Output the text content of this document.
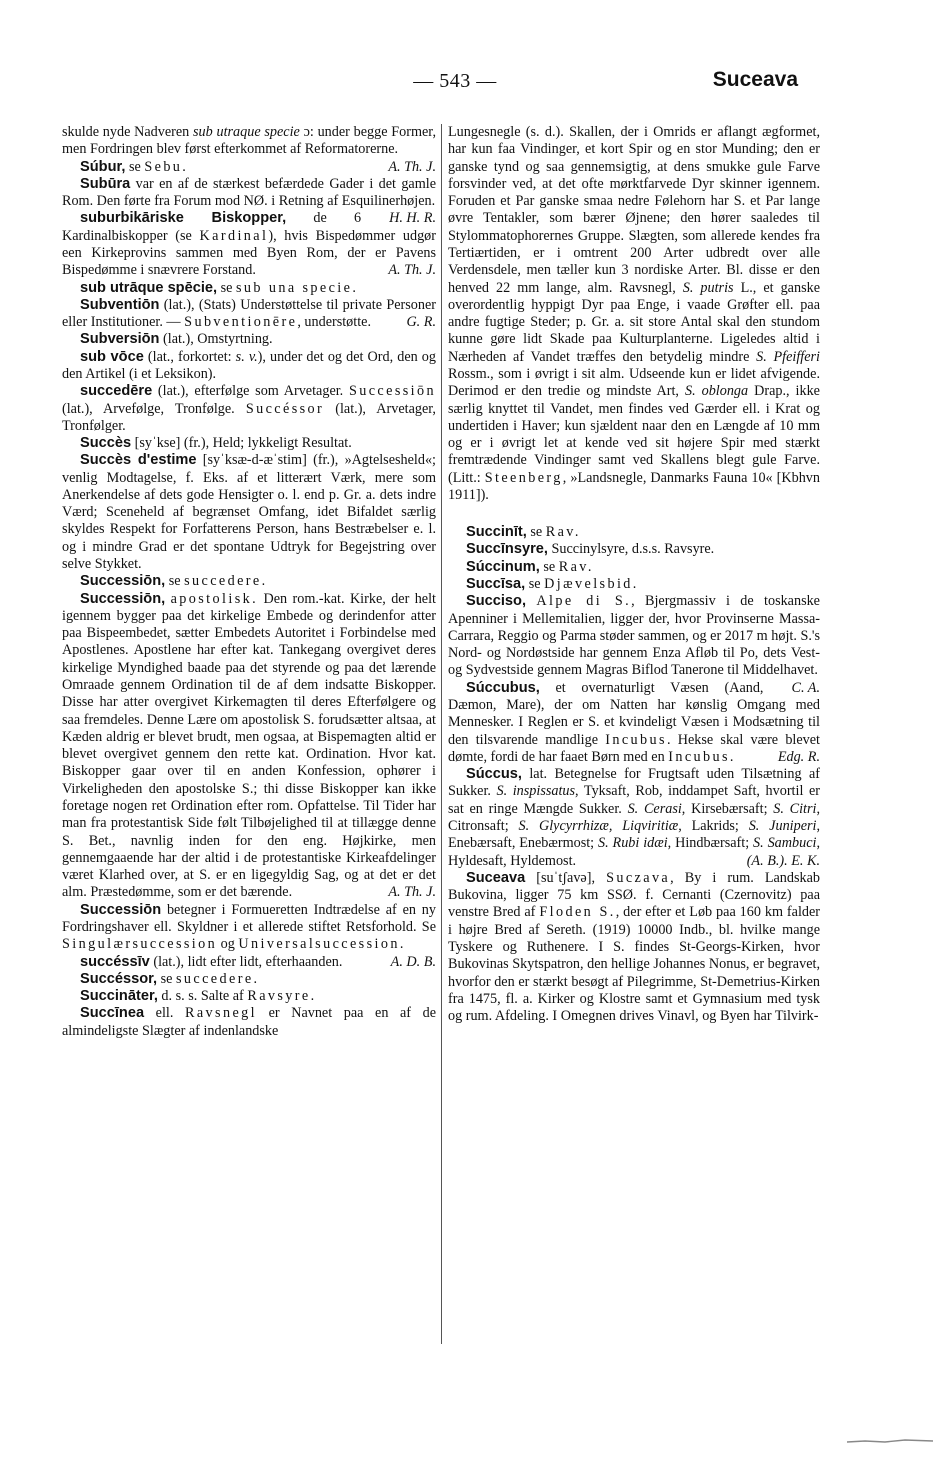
— 543 —	Suceava

skulde nyde Nadveren sub utraque specie ɔ: under begge Former, men Fordringen blev først efterkommet af Reformatorerne.
A. Th. J.

Súbur, se Sebu.

Subūra var en af de stærkest befærdede Gader i det gamle Rom. Den førte fra Forum mod NØ. i Retning af Esquilinerhøjen.
H. H. R.

suburbikāriske Biskopper, de 6 Kardinalbiskopper (se Kardinal), hvis Bispedømmer udgør een Kirkeprovins sammen med Byen Rom, der er Pavens Bispedømme i snævrere Forstand.	A. Th. J.

sub utrāque spēcie, se sub una specie.

Subventiōn (lat.), (Stats) Understøttelse til private Personer eller Institutioner. — Subventionēre, understøtte.	G. R.

Subversiōn (lat.), Omstyrtning.

sub vōce (lat., forkortet: s. v.), under det og det Ord, den og den Artikel (i et Leksikon).

succedēre (lat.), efterfølge som Arvetager. Successiōn (lat.), Arvefølge, Tronfølge. Succéssor (lat.), Arvetager, Tronfølger.

Succès [syˈkse] (fr.), Held; lykkeligt Resultat.

Succès d'estime [syˈksæ-d-æˈstim] (fr.), »Agtelsesheld«; venlig Modtagelse, f. Eks. af et litterært Værk, mere som Anerkendelse af dets gode Hensigter o. l. end p. Gr. a. dets indre Værd; Sceneheld af begrænset Omfang, idet Bifaldet særlig skyldes Respekt for Forfatterens Person, hans Bestræbelser e. l. og i mindre Grad er det spontane Udtryk for Begejstring over selve Stykket.

Successiōn, se succedere.

Successiōn, apostolisk. Den rom.-kat. Kirke, der helt igennem bygger paa det kirkelige Embede og derindenfor atter paa Bispeembedet, sætter Embedets Autoritet i Forbindelse med Apostlenes. Apostlene har efter kat. Tankegang overgivet deres kirkelige Myndighed baade paa det styrende og paa det lærende Omraade gennem Ordination til de af dem indsatte Biskopper. Disse har atter overgivet Kirkemagten til deres Efterfølgere og saa fremdeles. Denne Lære om apostolisk S. forudsætter altsaa, at Kæden aldrig er blevet brudt, men ogsaa, at Bispemagten altid er blevet overgivet gennem den rette kat. Ordination. Hvor kat. Biskopper gaar over til en anden Konfession, ophører i Virkeligheden den apostolske S.; thi disse Biskopper kan ikke foretage nogen ret Ordination efter rom. Opfattelse. Til Tider har man fra protestantisk Side følt Tilbøjelighed til at tillægge denne S. Bet., navnlig inden for den eng. Højkirke, men gennemgaaende har der altid i de protestantiske Kirkeafdelinger været Klarhed over, at S. er en ligegyldig Sag, og at det er det alm. Præstedømme, som er det bærende.	A. Th. J.

Successiōn betegner i Formueretten Indtrædelse af en ny Fordringshaver ell. Skyldner i et allerede stiftet Retsforhold. Se Singulærsuccession og Universalsuccession.
A. D. B.

succéssīv (lat.), lidt efter lidt, efterhaanden.

Succéssor, se succedere.

Succināter, d. s. s. Salte af Ravsyre.

Succīnea ell. Ravsnegl er Navnet paa en af de almindeligste Slægter af indenlandske

Lungesnegle (s. d.). Skallen, der i Omrids er aflangt ægformet, har kun faa Vindinger, et kort Spir og en stor Munding; den er ganske tynd og saa gennemsigtig, at dens smukke gule Farve forsvinder ved, at det ofte mørktfarvede Dyr skinner igennem. Foruden et Par ganske smaa nedre Følehorn har S. et Par lange øvre Tentakler, som bærer Øjnene; den hører saaledes til Stylommatophorernes Gruppe. Slægten, som allerede kendes fra Tertiærtiden, er i omtrent 200 Arter udbredt over alle Verdensdele, men tæller kun 3 nordiske Arter. Bl. disse er den henved 22 mm lange, alm. Ravsnegl, S. putris L., et ganske overordentlig hyppigt Dyr paa Enge, i vaade Grøfter ell. paa andre fugtige Steder; p. Gr. a. sit store Antal skal den stundom kunne gøre lidt Skade paa Kulturplanterne. Ligeledes altid i Nærheden af Vandet træffes den betydelig mindre S. Pfeifferi Rossm., som i øvrigt i sit alm. Udseende kun er lidet afvigende. Derimod er den tredie og mindste Art, S. oblonga Drap., ikke særlig knyttet til Vandet, men findes ved Gærder ell. i Krat og undertiden i Haver; kun sjældent naar den en Længde af 10 mm og er i øvrigt let at kende ved sit højere Spir med stærkt fremtrædende Vindinger samt ved Skallens blegt gule Farve. (Litt.: Steenberg, »Landsnegle, Danmarks Fauna 10« [Kbhvn 1911]).

Succinīt, se Rav.

Succīnsyre, Succinylsyre, d.s.s. Ravsyre.

Súccinum, se Rav.

Succīsa, se Djævelsbid.

Succiso, Alpe di S., Bjergmassiv i de toskanske Apenniner i Mellemitalien, ligger der, hvor Provinserne Massa-Carrara, Reggio og Parma støder sammen, og er 2017 m højt. S.'s Nord- og Nordøstside har gennem Enza Afløb til Po, dets Vest- og Sydvestside gennem Magras Biflod Tanerone til Middelhavet.
C. A.

Súccubus, et overnaturligt Væsen (Aand, Dæmon, Mare), der om Natten har kønslig Omgang med Mennesker. I Reglen er S. et kvindeligt Væsen i Modsætning til den tilsvarende mandlige Incubus. Hekse skal være blevet dømte, fordi de har faaet Børn med en Incubus.	Edg. R.

Súccus, lat. Betegnelse for Frugtsaft uden Tilsætning af Sukker. S. inspissatus, Tyksaft, Rob, inddampet Saft, hvortil er sat en ringe Mængde Sukker. S. Cerasi, Kirsebærsaft; S. Citri, Citronsaft; S. Glycyrrhizæ, Liqviritiæ, Lakrids; S. Juniperi, Enebærsaft, Enebærmost; S. Rubi idæi, Hindbærsaft; S. Sambuci, Hyldesaft, Hyldemost.	(A. B.). E. K.

Suceava [suˈtʃavə], Suczava, By i rum. Landskab Bukovina, ligger 75 km SSØ. f. Cernanti (Czernovitz) paa venstre Bred af Floden S., der efter et Løb paa 160 km falder i højre Bred af Sereth. (1919) 10000 Indb., bl. hvilke mange Tyskere og Ruthenere. I S. findes St-Georgs-Kirken, hvor Bukovinas Skytspatron, den hellige Johannes Nonus, er begravet, hvorfor den er stærkt besøgt af Pilegrimme, St-Demetrius-Kirken fra 1475, fl. a. Kirker og Klostre samt et Gymnasium med tysk og rum. Afdeling. I Omegnen drives Vinavl, og Byen har Tilvirk-
